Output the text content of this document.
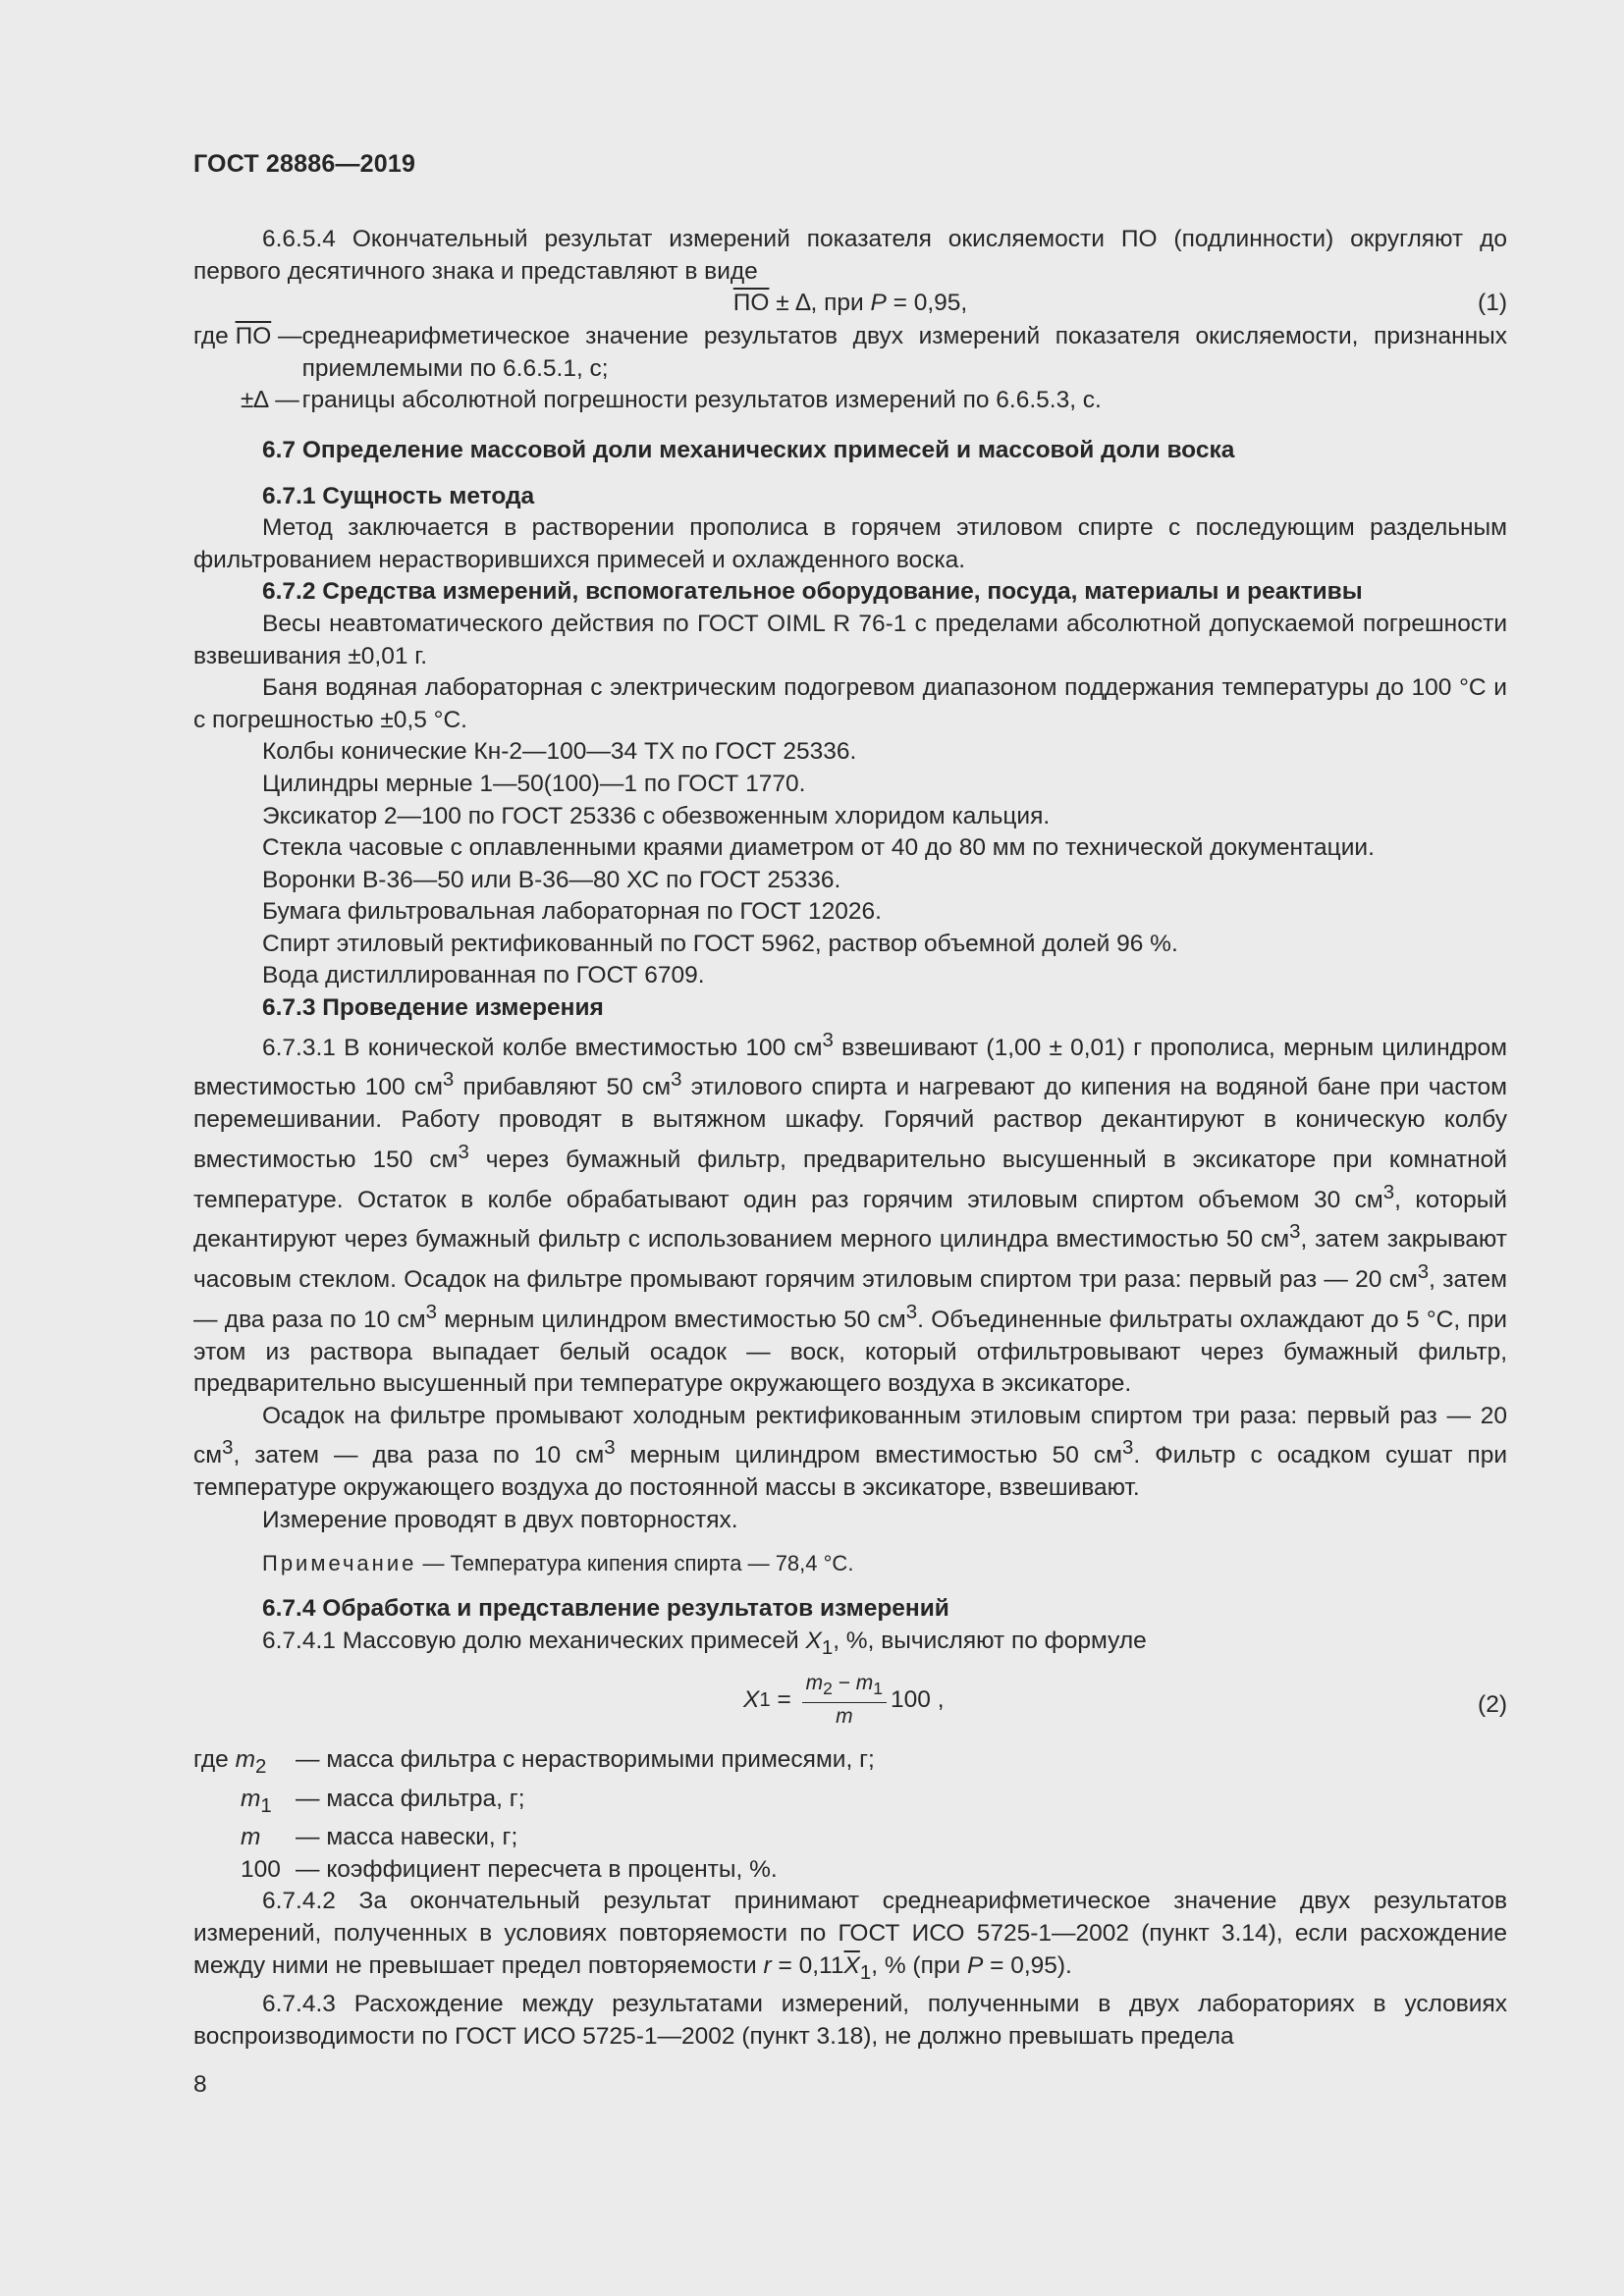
ГОСТ 28886—2019

6.6.5.4 Окончательный результат измерений показателя окисляемости ПО (подлинности) округляют до первого десятичного знака и представляют в виде

ПО ± ∆, при P = 0,95,	(1)
где ПО — среднеарифметическое значение результатов двух измерений показателя окисляемости, признанных приемлемыми по 6.6.5.1, с;
±∆ — границы абсолютной погрешности результатов измерений по 6.6.5.3, с.
6.7 Определение массовой доли механических примесей и массовой доли воска
6.7.1 Сущность метода

Метод заключается в растворении прополиса в горячем этиловом спирте с последующим раздельным фильтрованием нерастворившихся примесей и охлажденного воска.

6.7.2 Средства измерений, вспомогательное оборудование, посуда, материалы и реактивы

Весы неавтоматического действия по ГОСТ OIML R 76-1 с пределами абсолютной допускаемой погрешности взвешивания ±0,01 г.

Баня водяная лабораторная с электрическим подогревом диапазоном поддержания температуры до 100 °C и с погрешностью ±0,5 °C.

Колбы конические Кн-2—100—34 ТХ по ГОСТ 25336.

Цилиндры мерные 1—50(100)—1 по ГОСТ 1770.

Эксикатор 2—100 по ГОСТ 25336 с обезвоженным хлоридом кальция.

Стекла часовые с оплавленными краями диаметром от 40 до 80 мм по технической документации.

Воронки В-36—50 или В-36—80 ХС по ГОСТ 25336.

Бумага фильтровальная лабораторная по ГОСТ 12026.

Спирт этиловый ректификованный по ГОСТ 5962, раствор объемной долей 96 %.

Вода дистиллированная по ГОСТ 6709.

6.7.3 Проведение измерения

6.7.3.1 В конической колбе вместимостью 100 $см^3$ взвешивают (1,00 ± 0,01) г прополиса, мерным цилиндром вместимостью 100 $см^3$ прибавляют 50 $см^3$ этилового спирта и нагревают до кипения на водяной бане при частом перемешивании. Работу проводят в вытяжном шкафу. Горячий раствор декантируют в коническую колбу вместимостью 150 $см^3$ через бумажный фильтр, предварительно высушенный в эксикаторе при комнатной температуре. Остаток в колбе обрабатывают один раз горячим этиловым спиртом объемом 30 $см^3$, который декантируют через бумажный фильтр с использованием мерного цилиндра вместимостью 50 $см^3$, затем закрывают часовым стеклом. Осадок на фильтре промывают горячим этиловым спиртом три раза: первый раз — 20 $см^3$, затем — два раза по 10 $см^3$ мерным цилиндром вместимостью 50 $см^3$. Объединенные фильтраты охлаждают до 5 °C, при этом из раствора выпадает белый осадок — воск, который отфильтровывают через бумажный фильтр, предварительно высушенный при температуре окружающего воздуха в эксикаторе.

Осадок на фильтре промывают холодным ректификованным этиловым спиртом три раза: первый раз — 20 $см^3$, затем — два раза по 10 $см^3$ мерным цилиндром вместимостью 50 $см^3$. Фильтр с осадком сушат при температуре окружающего воздуха до постоянной массы в эксикаторе, взвешивают.

Измерение проводят в двух повторностях.

Примечание — Температура кипения спирта — 78,4 °C.
6.7.4 Обработка и представление результатов измерений

6.7.4.1 Массовую долю механических примесей $X_1$, %, вычисляют по формуле

X $1 = \frac{m_2 - m_1}{m} 100$ ,	(2)
где $m_2$	— масса фильтра с нерастворимыми примесями, г;
$m_1$ — масса фильтра, г;
m	— масса навески, г;
100 — коэффициент пересчета в проценты, %.

6.7.4.2 За окончательный результат принимают среднеарифметическое значение двух результатов измерений, полученных в условиях повторяемости по ГОСТ ИСО 5725-1—2002 (пункт 3.14), если расхождение между ними не превышает предел повторяемости $r = 0,11\overline{X}_1$, % (при P = 0,95).

6.7.4.3 Расхождение между результатами измерений, полученными в двух лабораториях в условиях воспроизводимости по ГОСТ ИСО 5725-1—2002 (пункт 3.18), не должно превышать предела

8
